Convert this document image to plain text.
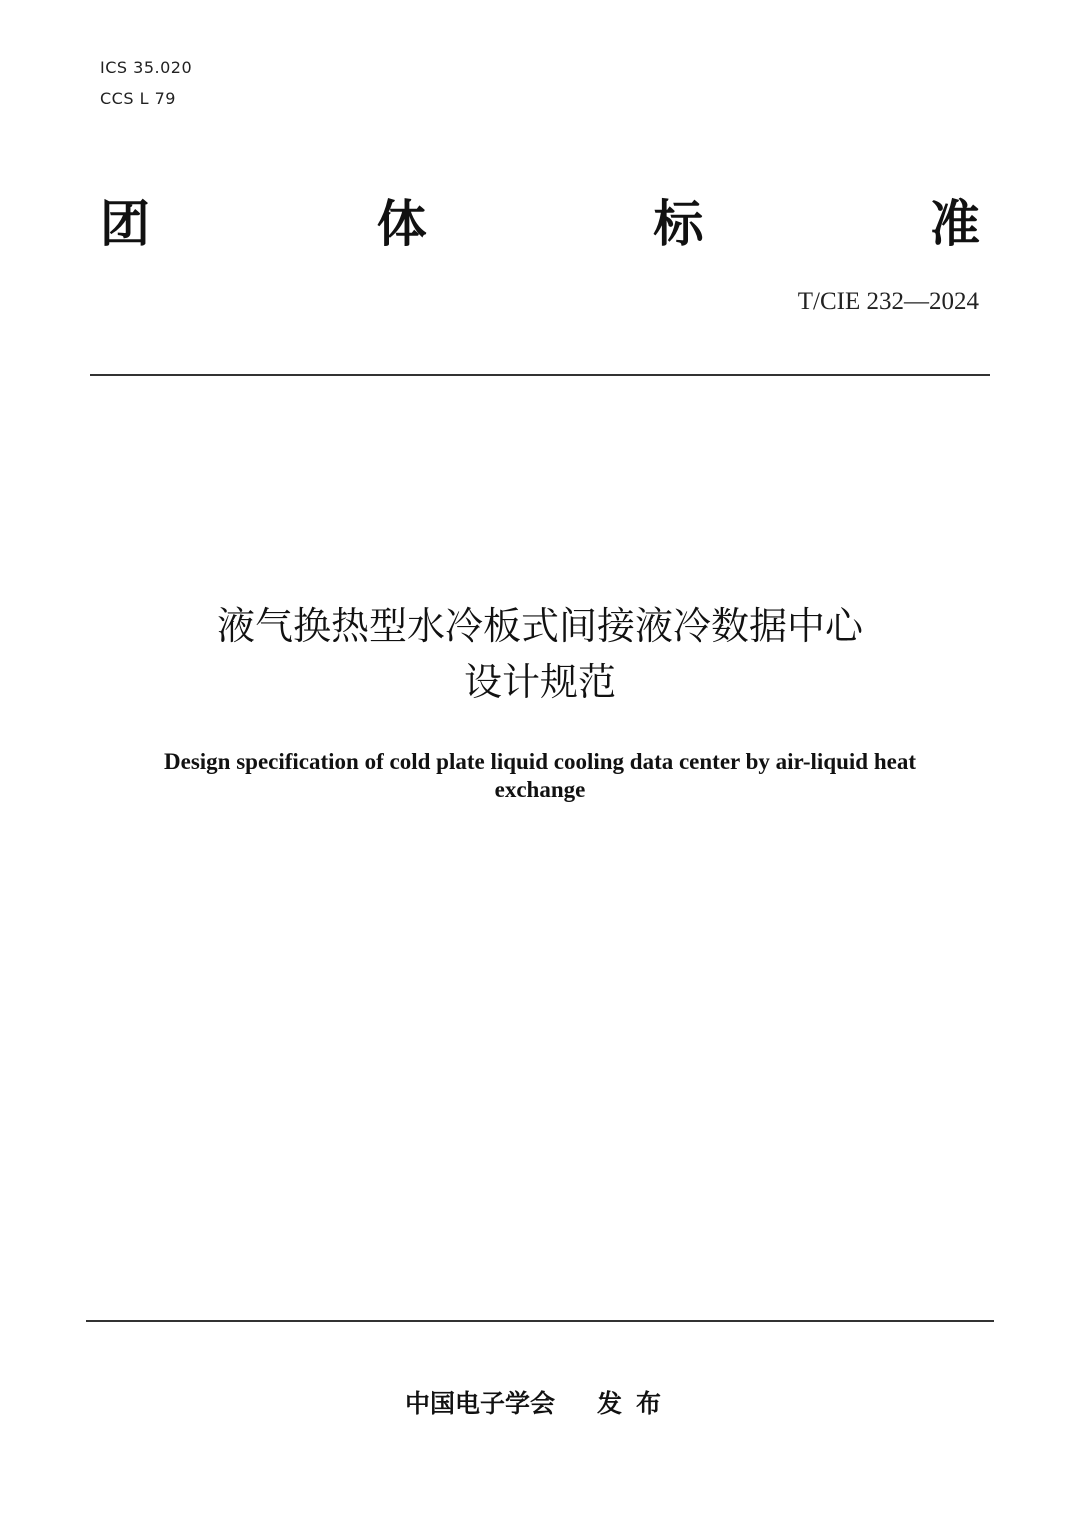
ICS 35.020
CCS L 79
团	体	标	准
T/CIE 232—2024
液气换热型水冷板式间接液冷数据中心
设计规范
Design specification of cold plate liquid cooling data center by air-liquid heat
exchange
中国电子学会 发布
